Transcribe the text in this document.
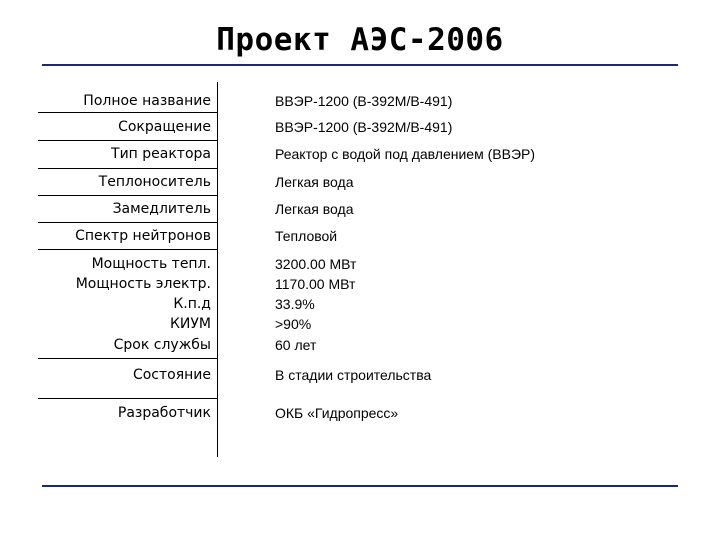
Проект АЭС-2006
Полное название	ВВЭР-1200 (В-392М/В-491)
Сокращение	ВВЭР-1200 (В-392М/В-491)
Тип реактора	Реактор с водой под давлением (ВВЭР)
Теплоноситель	Легкая вода
Замедлитель	Легкая вода
Спектр нейтронов	Тепловой
Мощность тепл.	3200.00 МВт
Мощность электр.	1170.00 МВт
К.п.д	33.9%
КИУМ	>90%
Срок службы	60 лет
Состояние	В стадии строительства
Разработчик	ОКБ «Гидропресс»
